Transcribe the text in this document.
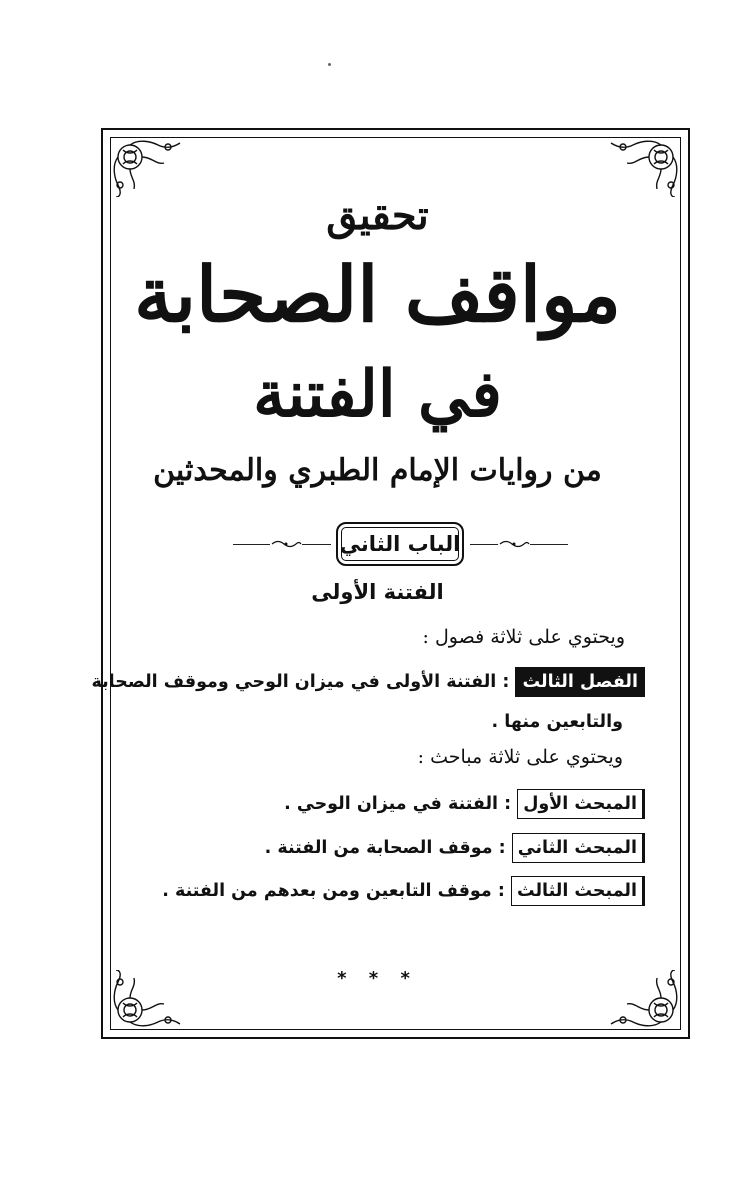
تحقيق
مواقف الصحابة
في الفتنة
من روايات الإمام الطبري والمحدثين
الباب الثاني
الفتنة الأولى
ويحتوي على ثلاثة فصول :
الفصل الثالث : الفتنة الأولى في ميزان الوحي وموقف الصحابة
والتابعين منها .
ويحتوي على ثلاثة مباحث :
المبحث الأول : الفتنة في ميزان الوحي .
المبحث الثاني : موقف الصحابة من الفتنة .
المبحث الثالث : موقف التابعين ومن بعدهم من الفتنة .
* * *
